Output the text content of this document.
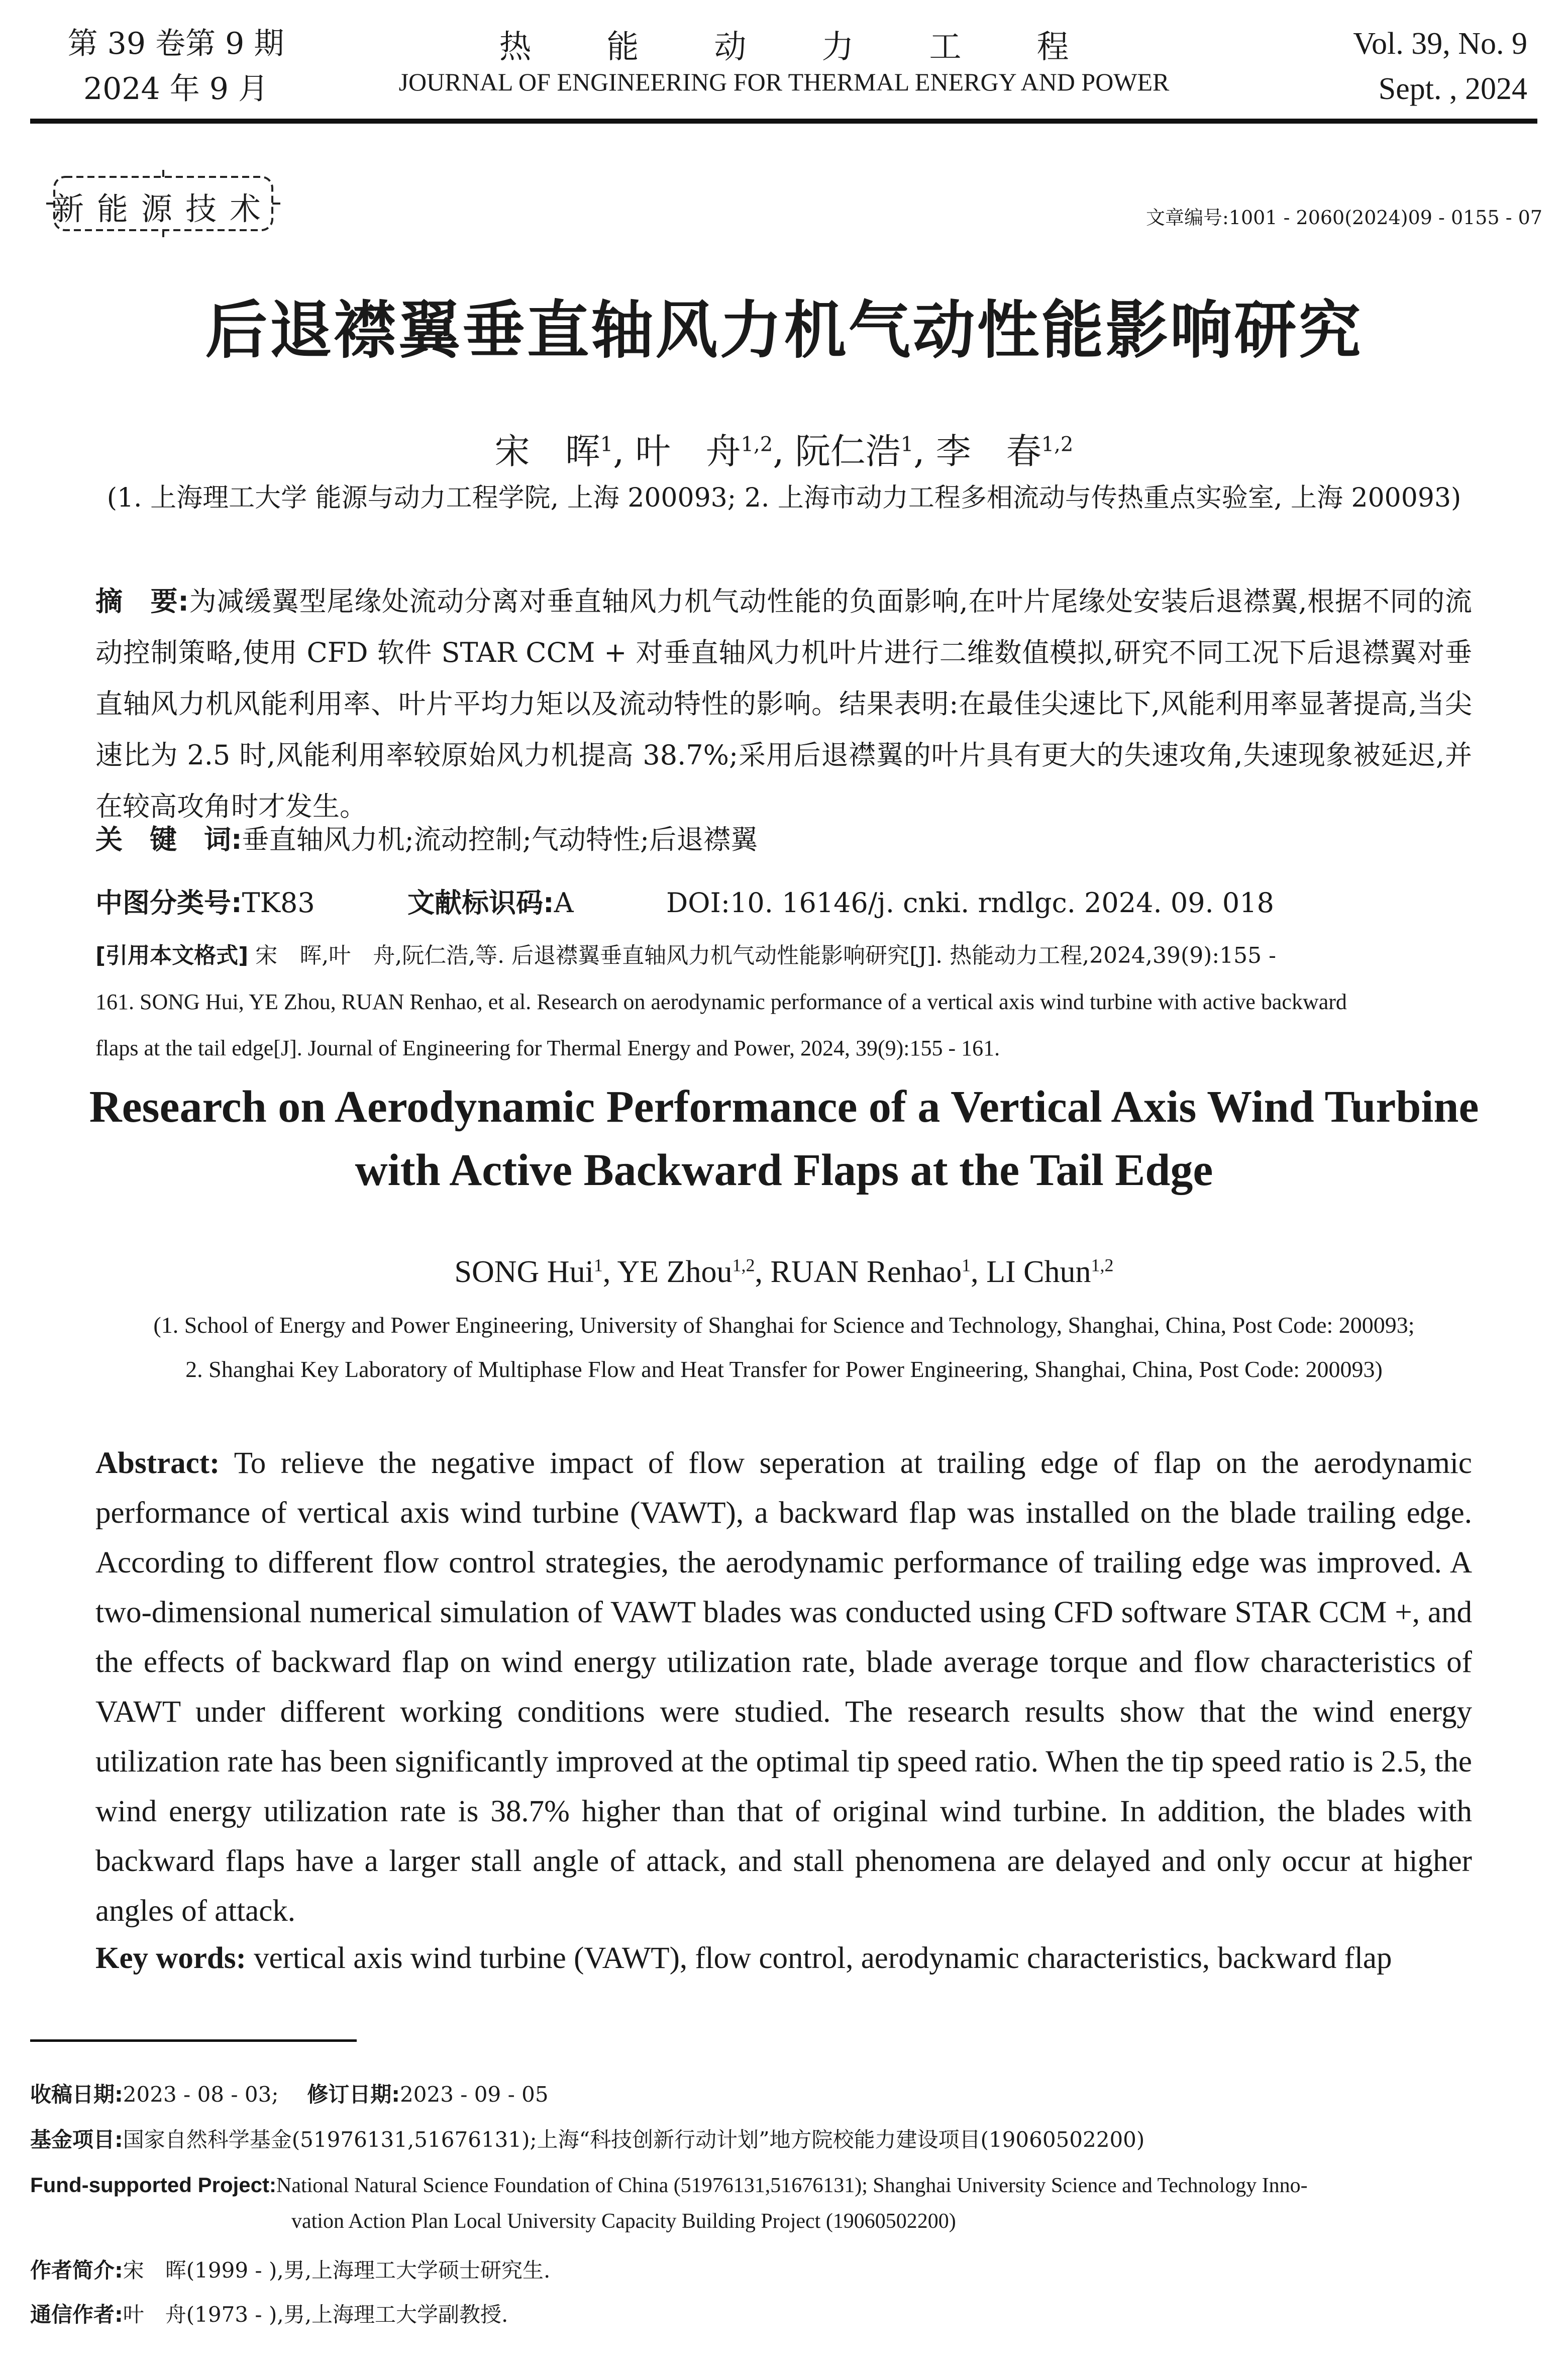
第 39 卷第 9 期
2024 年 9 月
热能动力工程
JOURNAL OF ENGINEERING FOR THERMAL ENERGY AND POWER
Vol. 39, No. 9
Sept. , 2024
新能源技术	文章编号:1001 - 2060(2024)09 - 0155 - 07
后退襟翼垂直轴风力机气动性能影响研究
宋　晖$^1$, 叶　舟$^{1,2}$, 阮仁浩$^1$, 李　春$^{1,2}$
(1. 上海理工大学 能源与动力工程学院, 上海 200093; 2. 上海市动力工程多相流动与传热重点实验室, 上海 200093)
摘　要:为减缓翼型尾缘处流动分离对垂直轴风力机气动性能的负面影响,在叶片尾缘处安装后退襟翼,根据不同的流动控制策略,使用 CFD 软件 STAR CCM + 对垂直轴风力机叶片进行二维数值模拟,研究不同工况下后退襟翼对垂直轴风力机风能利用率、叶片平均力矩以及流动特性的影响。结果表明:在最佳尖速比下,风能利用率显著提高,当尖速比为 2.5 时,风能利用率较原始风力机提高 38.7%;采用后退襟翼的叶片具有更大的失速攻角,失速现象被延迟,并在较高攻角时才发生。
关　键　词:垂直轴风力机;流动控制;气动特性;后退襟翼
中图分类号:TK83	文献标识码:A	DOI:10. 16146/j. cnki. rndlgc. 2024. 09. 018
[引用本文格式] 宋　晖,叶　舟,阮仁浩,等. 后退襟翼垂直轴风力机气动性能影响研究[J]. 热能动力工程,2024,39(9):155 -
161. SONG Hui, YE Zhou, RUAN Renhao, et al. Research on aerodynamic performance of a vertical axis wind turbine with active backward
flaps at the tail edge[J]. Journal of Engineering for Thermal Energy and Power, 2024, 39(9):155 - 161.
Research on Aerodynamic Performance of a Vertical Axis Wind Turbine
with Active Backward Flaps at the Tail Edge
SONG Hui$^1$, YE Zhou$^{1,2}$, RUAN Renhao$^1$, LI Chun$^{1,2}$
(1. School of Energy and Power Engineering, University of Shanghai for Science and Technology, Shanghai, China, Post Code: 200093;
2. Shanghai Key Laboratory of Multiphase Flow and Heat Transfer for Power Engineering, Shanghai, China, Post Code: 200093)
Abstract: To relieve the negative impact of flow seperation at trailing edge of flap on the aerodynamic performance of vertical axis wind turbine (VAWT), a backward flap was installed on the blade trailing edge. According to different flow control strategies, the aerodynamic performance of trailing edge was improved. A two-dimensional numerical simulation of VAWT blades was conducted using CFD software STAR CCM +, and the effects of backward flap on wind energy utilization rate, blade average torque and flow characteristics of VAWT under different working conditions were studied. The research results show that the wind energy utilization rate has been significantly improved at the optimal tip speed ratio. When the tip speed ratio is 2.5, the wind energy utilization rate is 38.7% higher than that of original wind turbine. In addition, the blades with backward flaps have a larger stall angle of attack, and stall phenomena are delayed and only occur at higher angles of attack.
Key words: vertical axis wind turbine (VAWT), flow control, aerodynamic characteristics, backward flap
收稿日期:2023 - 08 - 03; 修订日期:2023 - 09 - 05
基金项目:国家自然科学基金(51976131,51676131);上海“科技创新行动计划”地方院校能力建设项目(19060502200)
Fund-supported Project:National Natural Science Foundation of China (51976131,51676131); Shanghai University Science and Technology Inno-
vation Action Plan Local University Capacity Building Project (19060502200)
作者简介:宋　晖(1999 - ),男,上海理工大学硕士研究生.
通信作者:叶　舟(1973 - ),男,上海理工大学副教授.
